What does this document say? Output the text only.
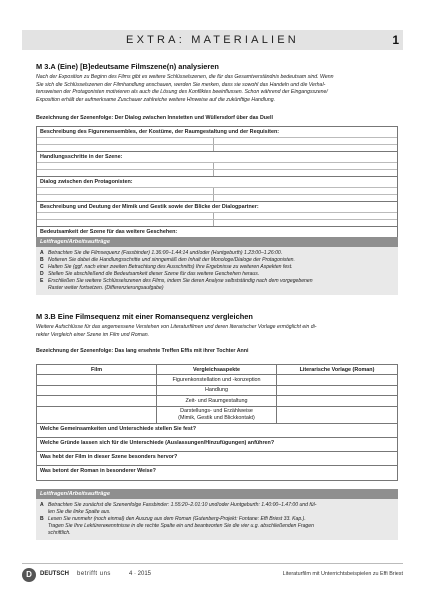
EXTRA: MATERIALIEN	1
M 3.A (Eine) [B]edeutsame Filmszene(n) analysieren
Nach der Exposition zu Beginn des Films gibt es weitere Schlüsselszenen, die für das Gesamtverständnis bedeutsam sind. Wenn
Sie sich die Schlüsselszenen der Filmhandlung anschauen, werden Sie merken, dass sie sowohl das Handeln und die Verhal-
tensweisen der Protagonisten motivieren als auch die Lösung des Konfliktes beeinflussen. Schon während der Eingangsszene/
Exposition erhält der aufmerksame Zuschauer zahlreiche weitere Hinweise auf die zukünftige Handlung.
Bezeichnung der Szenenfolge: Der Dialog zwischen Innstetten und Wüllersdorf über das Duell
Beschreibung des Figurenensembles, der Kostüme, der Raumgestaltung und der Requisiten:
Handlungsschritte in der Szene:
Dialog zwischen den Protagonisten:
Beschreibung und Deutung der Mimik und Gestik sowie der Blicke der Dialogpartner:
Bedeutsamkeit der Szene für das weitere Geschehen:
Leitfragen/Arbeitsaufträge
A Betrachten Sie die Filmsequenz (Fassbinder) 1.36:00–1.44:14 und/oder (Huntgeburth) 1.23:00–1.26:00.
B Notieren Sie dabei die Handlungsschritte und sinngemäß den Inhalt der Monologe/Dialoge der Protagonisten.
C Halten Sie (ggf. nach einer zweiten Betrachtung des Ausschnitts) Ihre Ergebnisse zu weiteren Aspekten fest.
D Stellen Sie abschließend die Bedeutsamkeit dieser Szene für das weitere Geschehen heraus.
E Erschließen Sie weitere Schlüsselszenen des Films, indem Sie deren Analyse selbstständig nach dem vorgegebenen
Raster weiter fortsetzen. (Differenzierungsaufgabe)
M 3.B Eine Filmsequenz mit einer Romansequenz vergleichen
Weitere Aufschlüsse für das angemessene Verstehen von Literaturfilmen und deren literarischer Vorlage ermöglicht ein di-
rekter Vergleich einer Szene im Film und Roman.
Bezeichnung der Szenenfolge: Das lang ersehnte Treffen Effis mit ihrer Tochter Anni
Film	Vergleichsaspekte	Literarische Vorlage (Roman)
Figurenkonstellation und -konzeption
Handlung
Zeit- und Raumgestaltung
Darstellungs- und Erzählweise
(Mimik, Gestik und Blickkontakt)
Welche Gemeinsamkeiten und Unterschiede stellen Sie fest?
Welche Gründe lassen sich für die Unterschiede (Auslassungen/Hinzufügungen) anführen?
Was hebt der Film in dieser Szene besonders hervor?
Was betont der Roman in besonderer Weise?
Leitfragen/Arbeitsaufträge
A Betrachten Sie zunächst die Szenenfolge Fassbinder: 1.55:20–2.01:10 und/oder Huntgeburth: 1.40:00–1.47:00 und fül-
len Sie die linke Spalte aus.
B Lesen Sie nunmehr (noch einmal) den Auszug aus dem Roman (Gutenberg-Projekt: Fontane: Effi Briest 33. Kap.).
Tragen Sie Ihre Lektürereкenntnisse in die rechte Spalte ein und beantworten Sie die vier u.g. abschließenden Fragen
schriftlich.
D	DEUTSCH betrifft uns	4 · 2015	Literaturfilm mit Unterrichtsbeispielen zu Effi Briest
